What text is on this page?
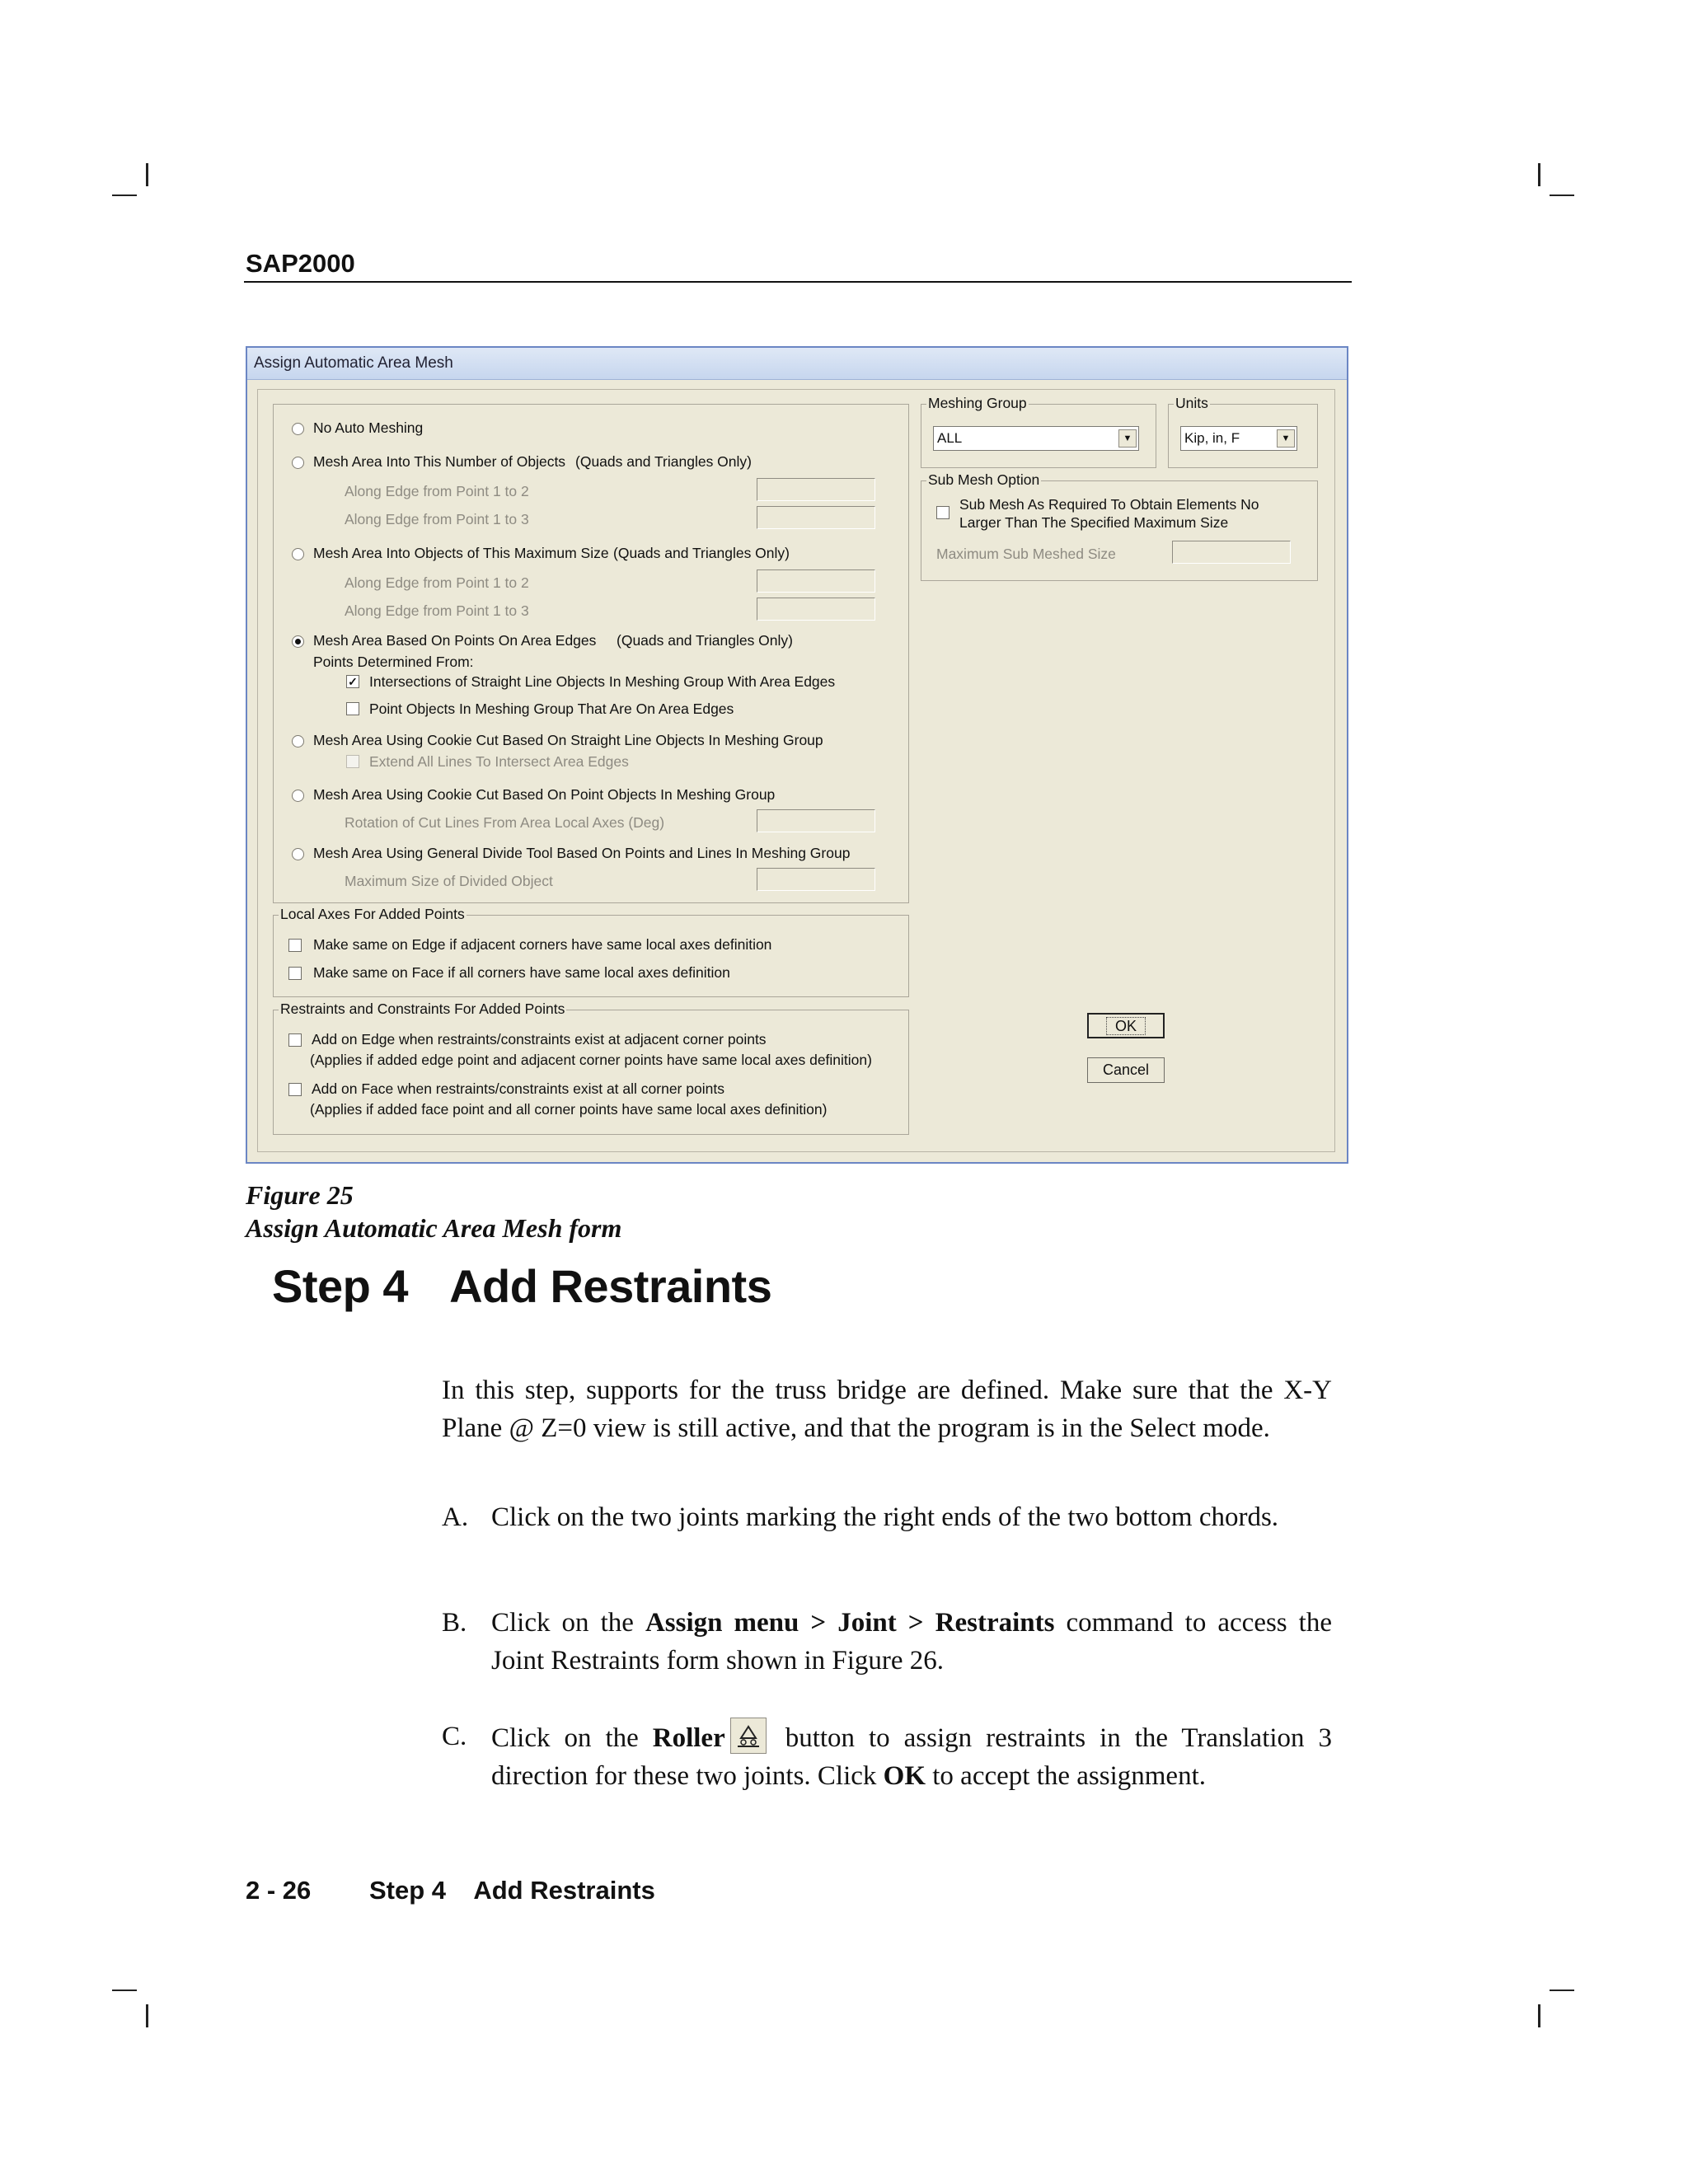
SAP2000
Assign Automatic Area Mesh
No Auto Meshing
Mesh Area Into This Number of Objects (Quads and Triangles Only)
Along Edge from Point 1 to 2
Along Edge from Point 1 to 3
Mesh Area Into Objects of This Maximum Size (Quads and Triangles Only)
Along Edge from Point 1 to 2
Along Edge from Point 1 to 3
Mesh Area Based On Points On Area Edges (Quads and Triangles Only)
Points Determined From:
✓ Intersections of Straight Line Objects In Meshing Group With Area Edges
Point Objects In Meshing Group That Are On Area Edges
Mesh Area Using Cookie Cut Based On Straight Line Objects In Meshing Group
Extend All Lines To Intersect Area Edges
Mesh Area Using Cookie Cut Based On Point Objects In Meshing Group
Rotation of Cut Lines From Area Local Axes (Deg)
Mesh Area Using General Divide Tool Based On Points and Lines In Meshing Group
Maximum Size of Divided Object
Local Axes For Added Points
Make same on Edge if adjacent corners have same local axes definition
Make same on Face if all corners have same local axes definition
Restraints and Constraints For Added Points
Add on Edge when restraints/constraints exist at adjacent corner points
(Applies if added edge point and adjacent corner points have same local axes definition)
Add on Face when restraints/constraints exist at all corner points
(Applies if added face point and all corner points have same local axes definition)
Meshing Group
ALL	▼
Units
Kip, in, F	▼
Sub Mesh Option
Sub Mesh As Required To Obtain Elements No
Larger Than The Specified Maximum Size
Maximum Sub Meshed Size
OK
Cancel
Figure 25
Assign Automatic Area Mesh form
Step 4 Add Restraints
In this step, supports for the truss bridge are defined. Make sure that the X-Y Plane @ Z=0 view is still active, and that the program is in the Select mode.
A. Click on the two joints marking the right ends of the two bottom chords.
B. Click on the Assign menu > Joint > Restraints command to access the Joint Restraints form shown in Figure 26.
C. Click on the Roller button to assign restraints in the Translation 3 direction for these two joints. Click OK to accept the assignment.
2 - 26 Step 4    Add Restraints
